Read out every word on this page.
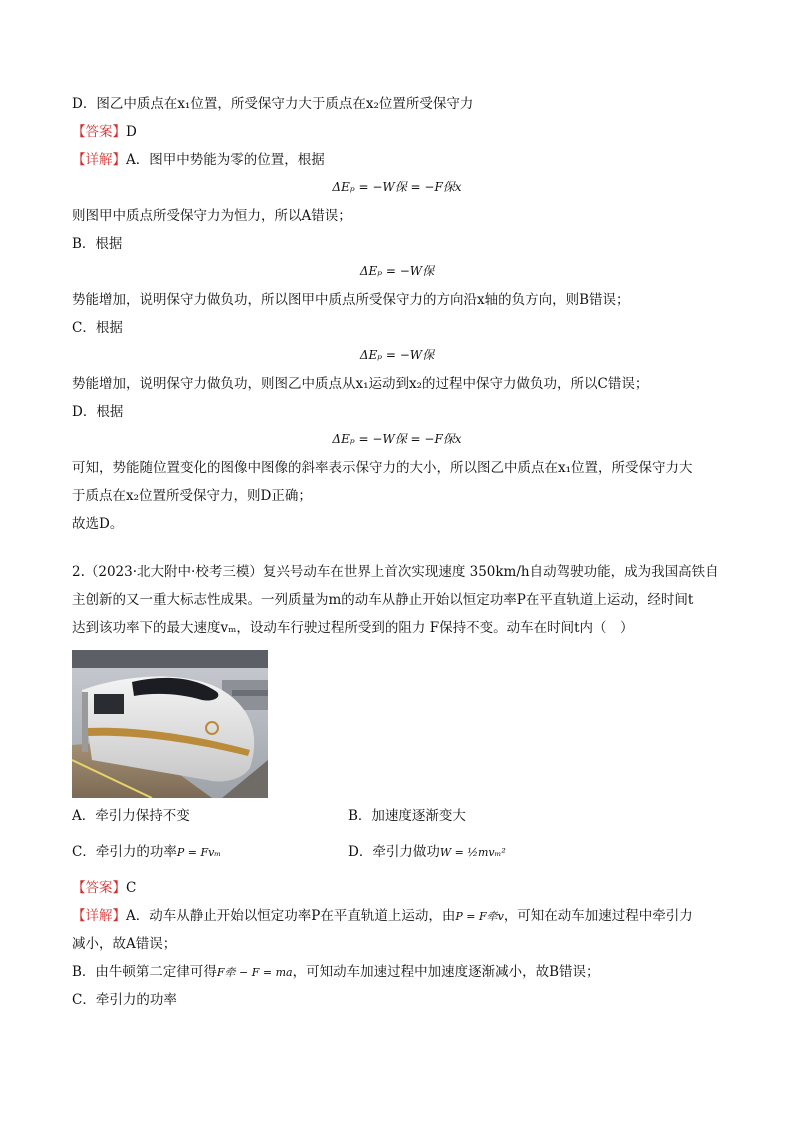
D．图乙中质点在x₁位置，所受保守力大于质点在x₂位置所受保守力
【答案】D
【详解】A．图甲中势能为零的位置，根据
ΔEₚ = −W保 = −F保x
则图甲中质点所受保守力为恒力，所以A错误；
B．根据
ΔEₚ = −W保
势能增加，说明保守力做负功，所以图甲中质点所受保守力的方向沿x轴的负方向，则B错误；
C．根据
ΔEₚ = −W保
势能增加，说明保守力做负功，则图乙中质点从x₁运动到x₂的过程中保守力做负功，所以C错误；
D．根据
ΔEₚ = −W保 = −F保x
可知，势能随位置变化的图像中图像的斜率表示保守力的大小，所以图乙中质点在x₁位置，所受保守力大
于质点在x₂位置所受保守力，则D正确；
故选D。
2.（2023·北大附中·校考三模）复兴号动车在世界上首次实现速度 350km/h自动驾驶功能，成为我国高铁自
主创新的又一重大标志性成果。一列质量为m的动车从静止开始以恒定功率P在平直轨道上运动，经时间t
达到该功率下的最大速度vₘ，设动车行驶过程所受到的阻力 F保持不变。动车在时间t内（　）
A．牵引力保持不变	B．加速度逐渐变大
C．牵引力的功率P = Fvₘ	D．牵引力做功W = ½mvₘ²
【答案】C
【详解】A．动车从静止开始以恒定功率P在平直轨道上运动，由P = F牵v，可知在动车加速过程中牵引力
减小，故A错误；
B．由牛顿第二定律可得F牵 − F = ma，可知动车加速过程中加速度逐渐减小，故B错误；
C．牵引力的功率
